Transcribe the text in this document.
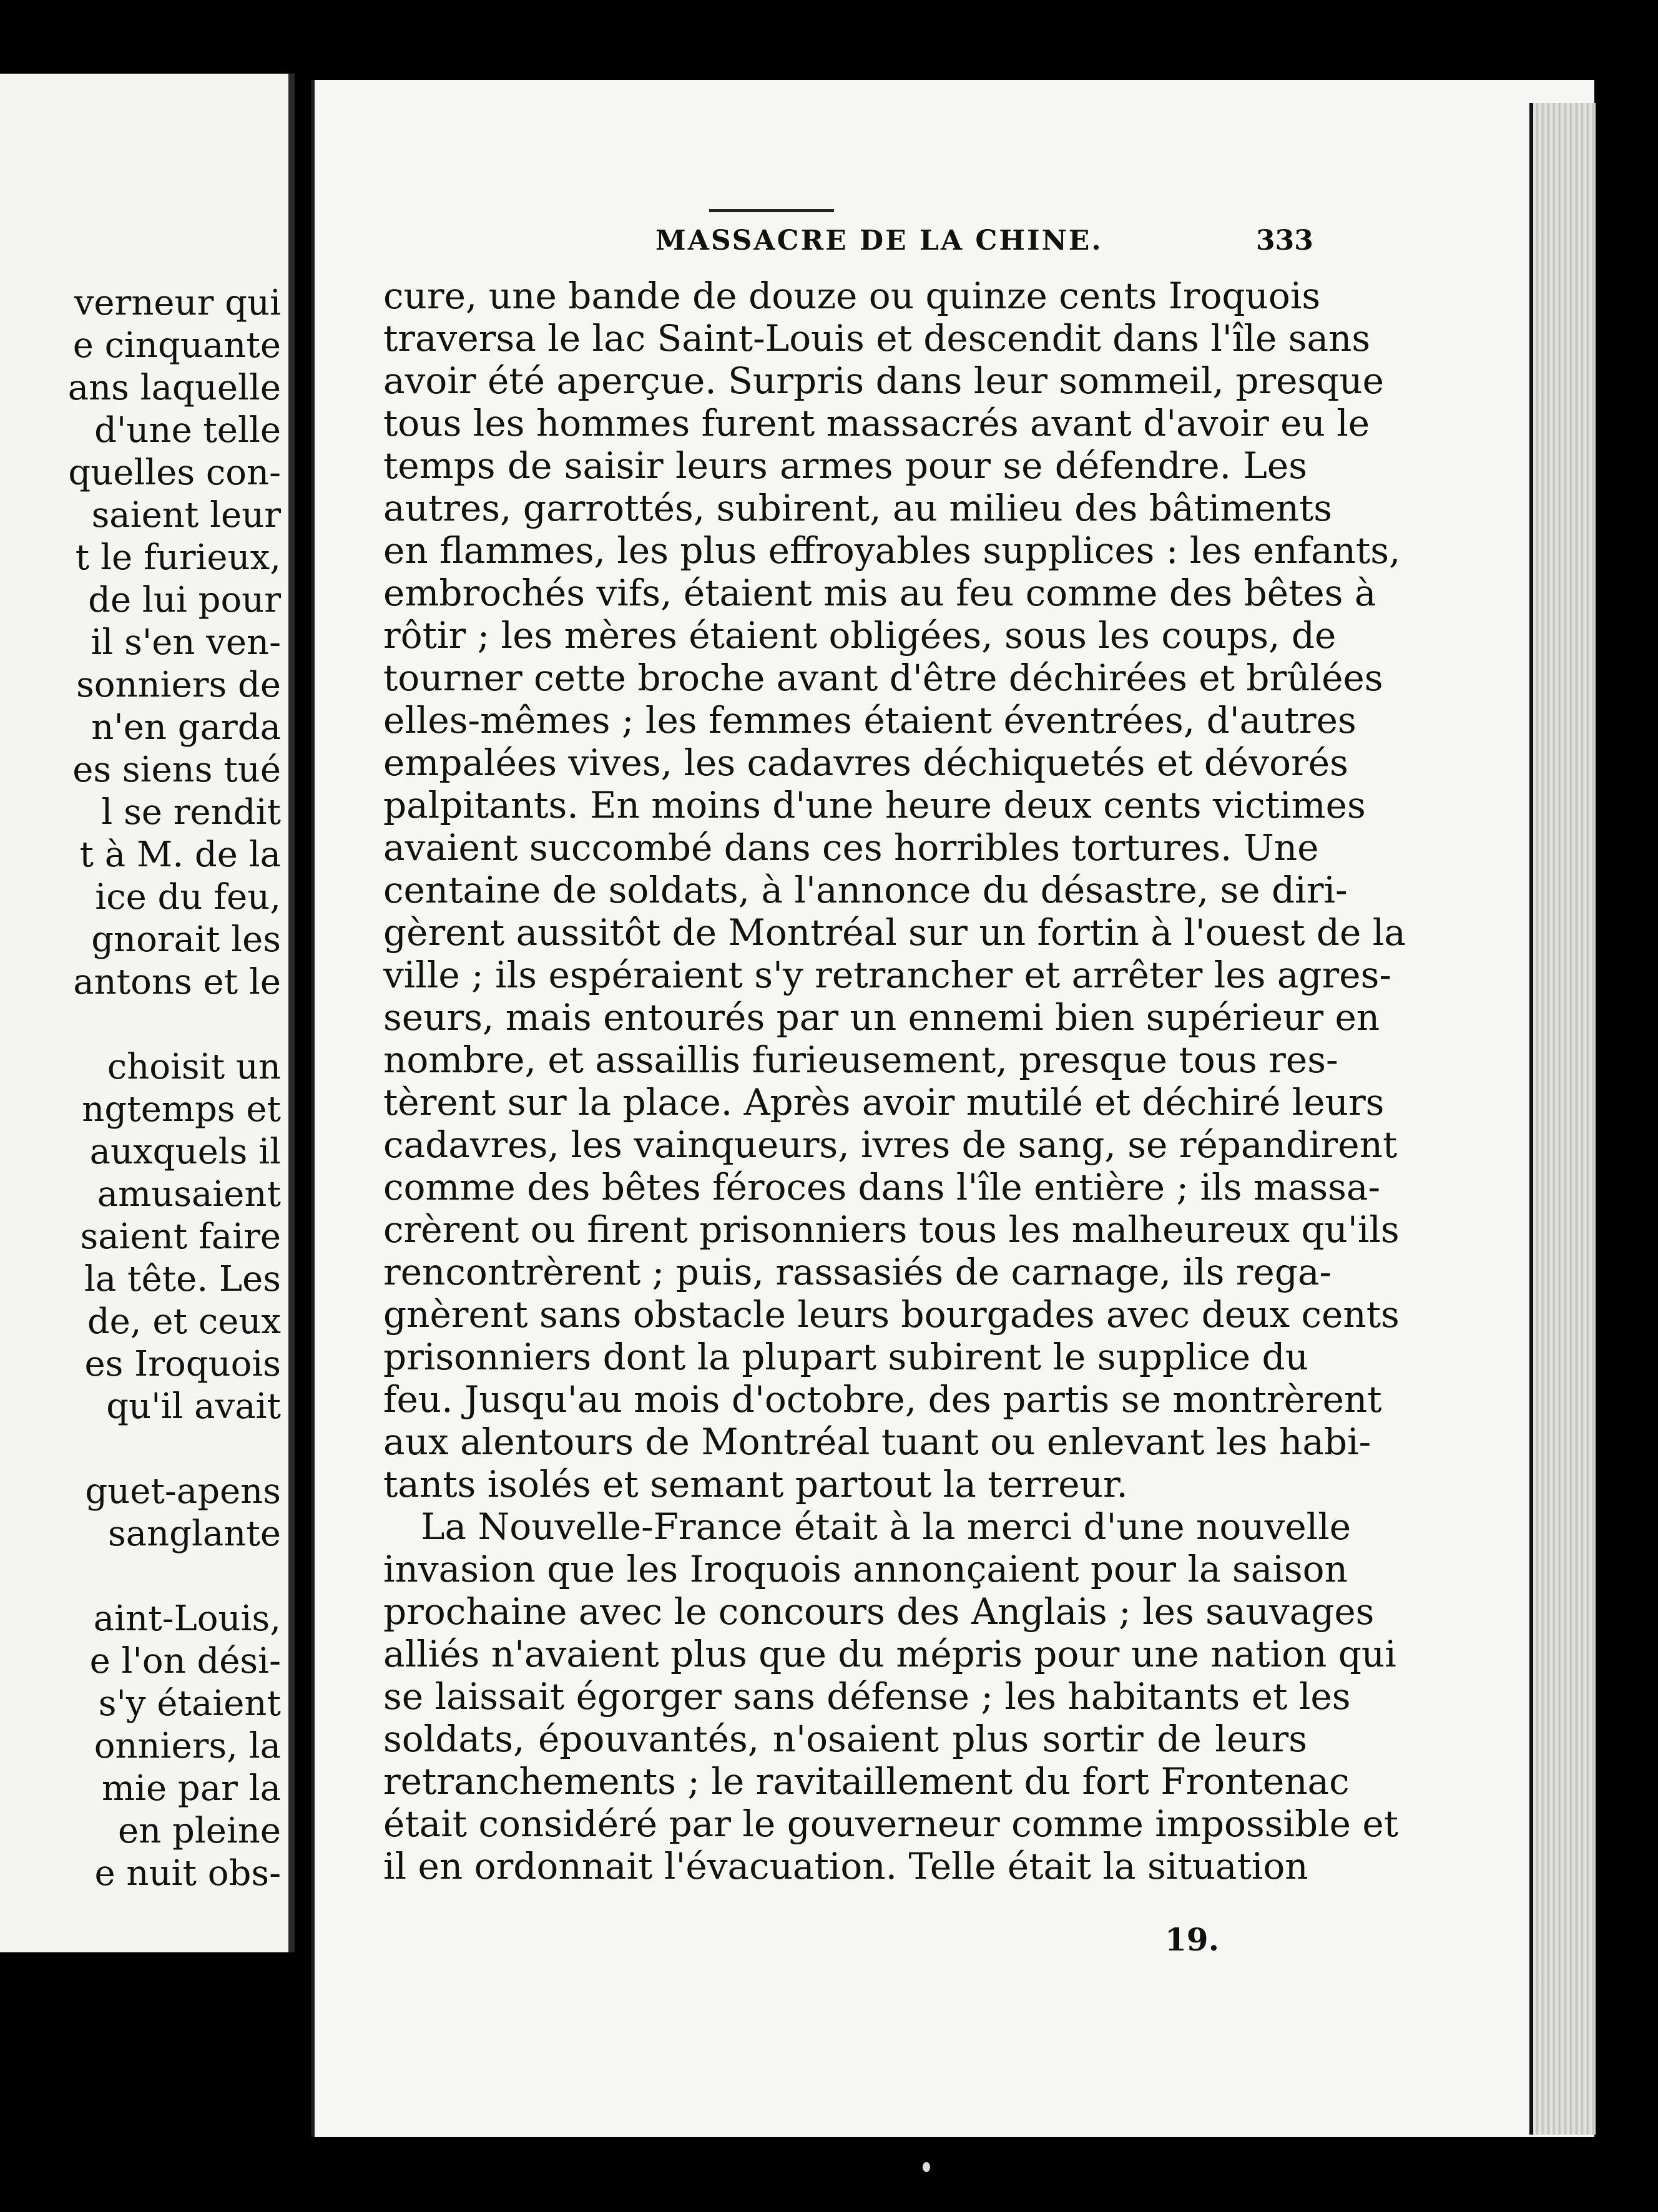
verneur qui
e cinquante
ans laquelle
d'une telle
quelles con-
saient leur
t le furieux,
de lui pour
il s'en ven-
sonniers de
n'en garda
es siens tué
l se rendit
t à M. de la
ice du feu,
gnorait les
antons et le
choisit un
ngtemps et
auxquels il
amusaient
saient faire
la tête. Les
de, et ceux
es Iroquois
qu'il avait
guet-apens
sanglante
aint-Louis,
e l'on dési-
s'y étaient
onniers, la
mie par la
en pleine
e nuit obs-
MASSACRE DE LA CHINE.	333
cure, une bande de douze ou quinze cents Iroquois
traversa le lac Saint-Louis et descendit dans l'île sans
avoir été aperçue. Surpris dans leur sommeil, presque
tous les hommes furent massacrés avant d'avoir eu le
temps de saisir leurs armes pour se défendre. Les
autres, garrottés, subirent, au milieu des bâtiments
en flammes, les plus effroyables supplices : les enfants,
embrochés vifs, étaient mis au feu comme des bêtes à
rôtir ; les mères étaient obligées, sous les coups, de
tourner cette broche avant d'être déchirées et brûlées
elles-mêmes ; les femmes étaient éventrées, d'autres
empalées vives, les cadavres déchiquetés et dévorés
palpitants. En moins d'une heure deux cents victimes
avaient succombé dans ces horribles tortures. Une
centaine de soldats, à l'annonce du désastre, se diri-
gèrent aussitôt de Montréal sur un fortin à l'ouest de la
ville ; ils espéraient s'y retrancher et arrêter les agres-
seurs, mais entourés par un ennemi bien supérieur en
nombre, et assaillis furieusement, presque tous res-
tèrent sur la place. Après avoir mutilé et déchiré leurs
cadavres, les vainqueurs, ivres de sang, se répandirent
comme des bêtes féroces dans l'île entière ; ils massa-
crèrent ou firent prisonniers tous les malheureux qu'ils
rencontrèrent ; puis, rassasiés de carnage, ils rega-
gnèrent sans obstacle leurs bourgades avec deux cents
prisonniers dont la plupart subirent le supplice du
feu. Jusqu'au mois d'octobre, des partis se montrèrent
aux alentours de Montréal tuant ou enlevant les habi-
tants isolés et semant partout la terreur.
La Nouvelle-France était à la merci d'une nouvelle
invasion que les Iroquois annonçaient pour la saison
prochaine avec le concours des Anglais ; les sauvages
alliés n'avaient plus que du mépris pour une nation qui
se laissait égorger sans défense ; les habitants et les
soldats, épouvantés, n'osaient plus sortir de leurs
retranchements ; le ravitaillement du fort Frontenac
était considéré par le gouverneur comme impossible et
il en ordonnait l'évacuation. Telle était la situation
19.
